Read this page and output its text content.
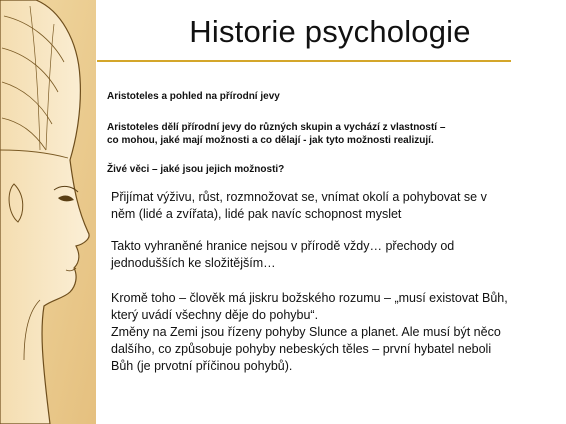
Historie psychologie

Aristoteles a pohled na přírodní jevy

Aristoteles dělí přírodní jevy do různých skupin a vychází z vlastností – co mohou, jaké mají možnosti a co dělají - jak tyto možnosti realizují.

Živé věci – jaké jsou jejich možnosti?

Přijímat výživu, růst, rozmnožovat se, vnímat okolí a pohybovat se v něm (lidé a zvířata), lidé pak navíc schopnost myslet

Takto vyhraněné hranice nejsou v přírodě vždy… přechody od jednodušších ke složitějším…

Kromě toho – člověk má jiskru božského rozumu – „musí existovat Bůh, který uvádí všechny děje do pohybu“.
Změny na Zemi jsou řízeny pohyby Slunce a planet. Ale musí být něco dalšího, co způsobuje pohyby nebeských těles – první hybatel neboli Bůh (je prvotní příčinou pohybů).
